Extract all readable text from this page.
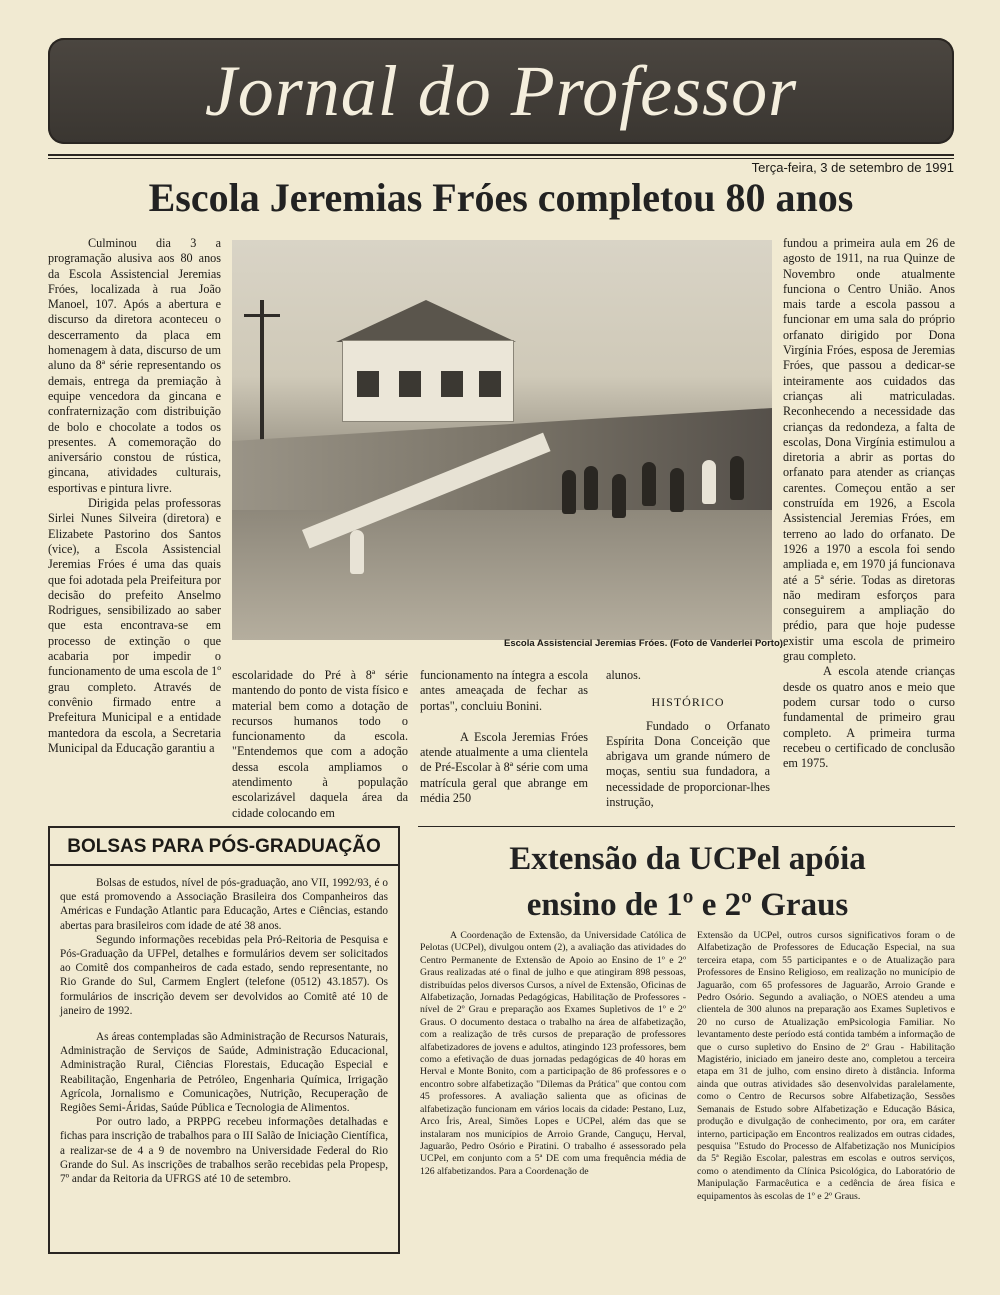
Jornal do Professor
Terça-feira, 3 de setembro de 1991
Escola Jeremias Fróes completou 80 anos

Culminou dia 3 a programação alusiva aos 80 anos da Escola Assistencial Jeremias Fróes, localizada à rua João Manoel, 107. Após a abertura e discurso da diretora aconteceu o descerramento da placa em homenagem à data, discurso de um aluno da 8ª série representando os demais, entrega da premiação à equipe vencedora da gincana e confraternização com distribuição de bolo e chocolate a todos os presentes. A comemoração do aniversário constou de rústica, gincana, atividades culturais, esportivas e pintura livre.

Dirigida pelas professoras Sirlei Nunes Silveira (diretora) e Elizabete Pastorino dos Santos (vice), a Escola Assistencial Jeremias Fróes é uma das quais que foi adotada pela Preifeitura por decisão do prefeito Anselmo Rodrigues, sensibilizado ao saber que esta encontrava-se em processo de extinção o que acabaria por impedir o funcionamento de uma escola de 1º grau completo. Através de convênio firmado entre a Prefeitura Municipal e a entidade mantedora da escola, a Secretaria Municipal da Educação garantiu a

Escola Assistencial Jeremias Fróes. (Foto de Vanderlei Porto).

escolaridade do Pré à 8ª série mantendo do ponto de vista físico e material bem como a dotação de recursos humanos todo o funcionamento da escola. "Entendemos que com a adoção dessa escola ampliamos o atendimento à população escolarizável daquela área da cidade colocando em

funcionamento na íntegra a escola antes ameaçada de fechar as portas", concluiu Bonini.

A Escola Jeremias Fróes atende atualmente a uma clientela de Pré-Escolar à 8ª série com uma matrícula geral que abrange em média 250

alunos.

HISTÓRICO

Fundado o Orfanato Espírita Dona Conceição que abrigava um grande número de moças, sentiu sua fundadora, a necessidade de proporcionar-lhes instrução,

fundou a primeira aula em 26 de agosto de 1911, na rua Quinze de Novembro onde atualmente funciona o Centro União. Anos mais tarde a escola passou a funcionar em uma sala do próprio orfanato dirigido por Dona Virgínia Fróes, esposa de Jeremias Fróes, que passou a dedicar-se inteiramente aos cuidados das crianças ali matriculadas. Reconhecendo a necessidade das crianças da redondeza, a falta de escolas, Dona Virgínia estimulou a diretoria a abrir as portas do orfanato para atender as crianças carentes. Começou então a ser construída em 1926, a Escola Assistencial Jeremias Fróes, em terreno ao lado do orfanato. De 1926 a 1970 a escola foi sendo ampliada e, em 1970 já funcionava até a 5ª série. Todas as diretoras não mediram esforços para conseguirem a ampliação do prédio, para que hoje pudesse existir uma escola de primeiro grau completo.

A escola atende crianças desde os quatro anos e meio que podem cursar todo o curso fundamental de primeiro grau completo. A primeira turma recebeu o certificado de conclusão em 1975.

BOLSAS PARA PÓS-GRADUAÇÃO

Bolsas de estudos, nível de pós-graduação, ano VII, 1992/93, é o que está promovendo a Associação Brasileira dos Companheiros das Américas e Fundação Atlantic para Educação, Artes e Ciências, estando abertas para brasileiros com idade de até 38 anos.

Segundo informações recebidas pela Pró-Reitoria de Pesquisa e Pós-Graduação da UFPel, detalhes e formulários devem ser solicitados ao Comitê dos companheiros de cada estado, sendo representante, no Rio Grande do Sul, Carmem Englert (telefone (0512) 43.1857). Os formulários de inscrição devem ser devolvidos ao Comitê até 10 de janeiro de 1992.

As áreas contempladas são Administração de Recursos Naturais, Administração de Serviços de Saúde, Administração Educacional, Administração Rural, Ciências Florestais, Educação Especial e Reabilitação, Engenharia de Petróleo, Engenharia Química, Irrigação Agrícola, Jornalismo e Comunicações, Nutrição, Recuperação de Regiões Semi-Áridas, Saúde Pública e Tecnologia de Alimentos.

Por outro lado, a PRPPG recebeu informações detalhadas e fichas para inscrição de trabalhos para o III Salão de Iniciação Científica, a realizar-se de 4 a 9 de novembro na Universidade Federal do Rio Grande do Sul. As inscrições de trabalhos serão recebidas pela Propesp, 7º andar da Reitoria da UFRGS até 10 de setembro.

Extensão da UCPel apóia
ensino de 1º e 2º Graus

A Coordenação de Extensão, da Universidade Católica de Pelotas (UCPel), divulgou ontem (2), a avaliação das atividades do Centro Permanente de Extensão de Apoio ao Ensino de 1º e 2º Graus realizadas até o final de julho e que atingiram 898 pessoas, distribuídas pelos diversos Cursos, a nível de Extensão, Oficinas de Alfabetização, Jornadas Pedagógicas, Habilitação de Professores - nível de 2º Grau e preparação aos Exames Supletivos de 1º e 2º Graus. O documento destaca o trabalho na área de alfabetização, com a realização de três cursos de preparação de professores alfabetizadores de jovens e adultos, atingindo 123 professores, bem como a efetivação de duas jornadas pedagógicas de 40 horas em Herval e Monte Bonito, com a participação de 86 professores e o encontro sobre alfabetização "Dilemas da Prática" que contou com 45 professores. A avaliação salienta que as oficinas de alfabetização funcionam em vários locais da cidade: Pestano, Luz, Arco Íris, Areal, Simões Lopes e UCPel, além das que se instalaram nos municípios de Arroio Grande, Canguçu, Herval, Jaguarão, Pedro Osório e Piratini. O trabalho é assessorado pela UCPel, em conjunto com a 5ª DE com uma frequência média de 126 alfabetizandos. Para a Coordenação de

Extensão da UCPel, outros cursos significativos foram o de Alfabetização de Professores de Educação Especial, na sua terceira etapa, com 55 participantes e o de Atualização para Professores de Ensino Religioso, em realização no município de Jaguarão, com 65 professores de Jaguarão, Arroio Grande e Pedro Osório. Segundo a avaliação, o NOES atendeu a uma clientela de 300 alunos na preparação aos Exames Supletivos e 20 no curso de Atualização emPsicologia Familiar. No levantamento deste período está contida também a informação de que o curso supletivo do Ensino de 2º Grau - Habilitação Magistério, iniciado em janeiro deste ano, completou a terceira etapa em 31 de julho, com ensino direto à distância. Informa ainda que outras atividades são desenvolvidas paralelamente, como o Centro de Recursos sobre Alfabetização, Sessões Semanais de Estudo sobre Alfabetização e Educação Básica, produção e divulgação de conhecimento, por ora, em caráter interno, participação em Encontros realizados em outras cidades, pesquisa "Estudo do Processo de Alfabetização nos Municípios da 5ª Região Escolar, palestras em escolas e outros serviços, como o atendimento da Clínica Psicológica, do Laboratório de Manipulação Farmacêutica e a cedência de área física e equipamentos às escolas de 1º e 2º Graus.
